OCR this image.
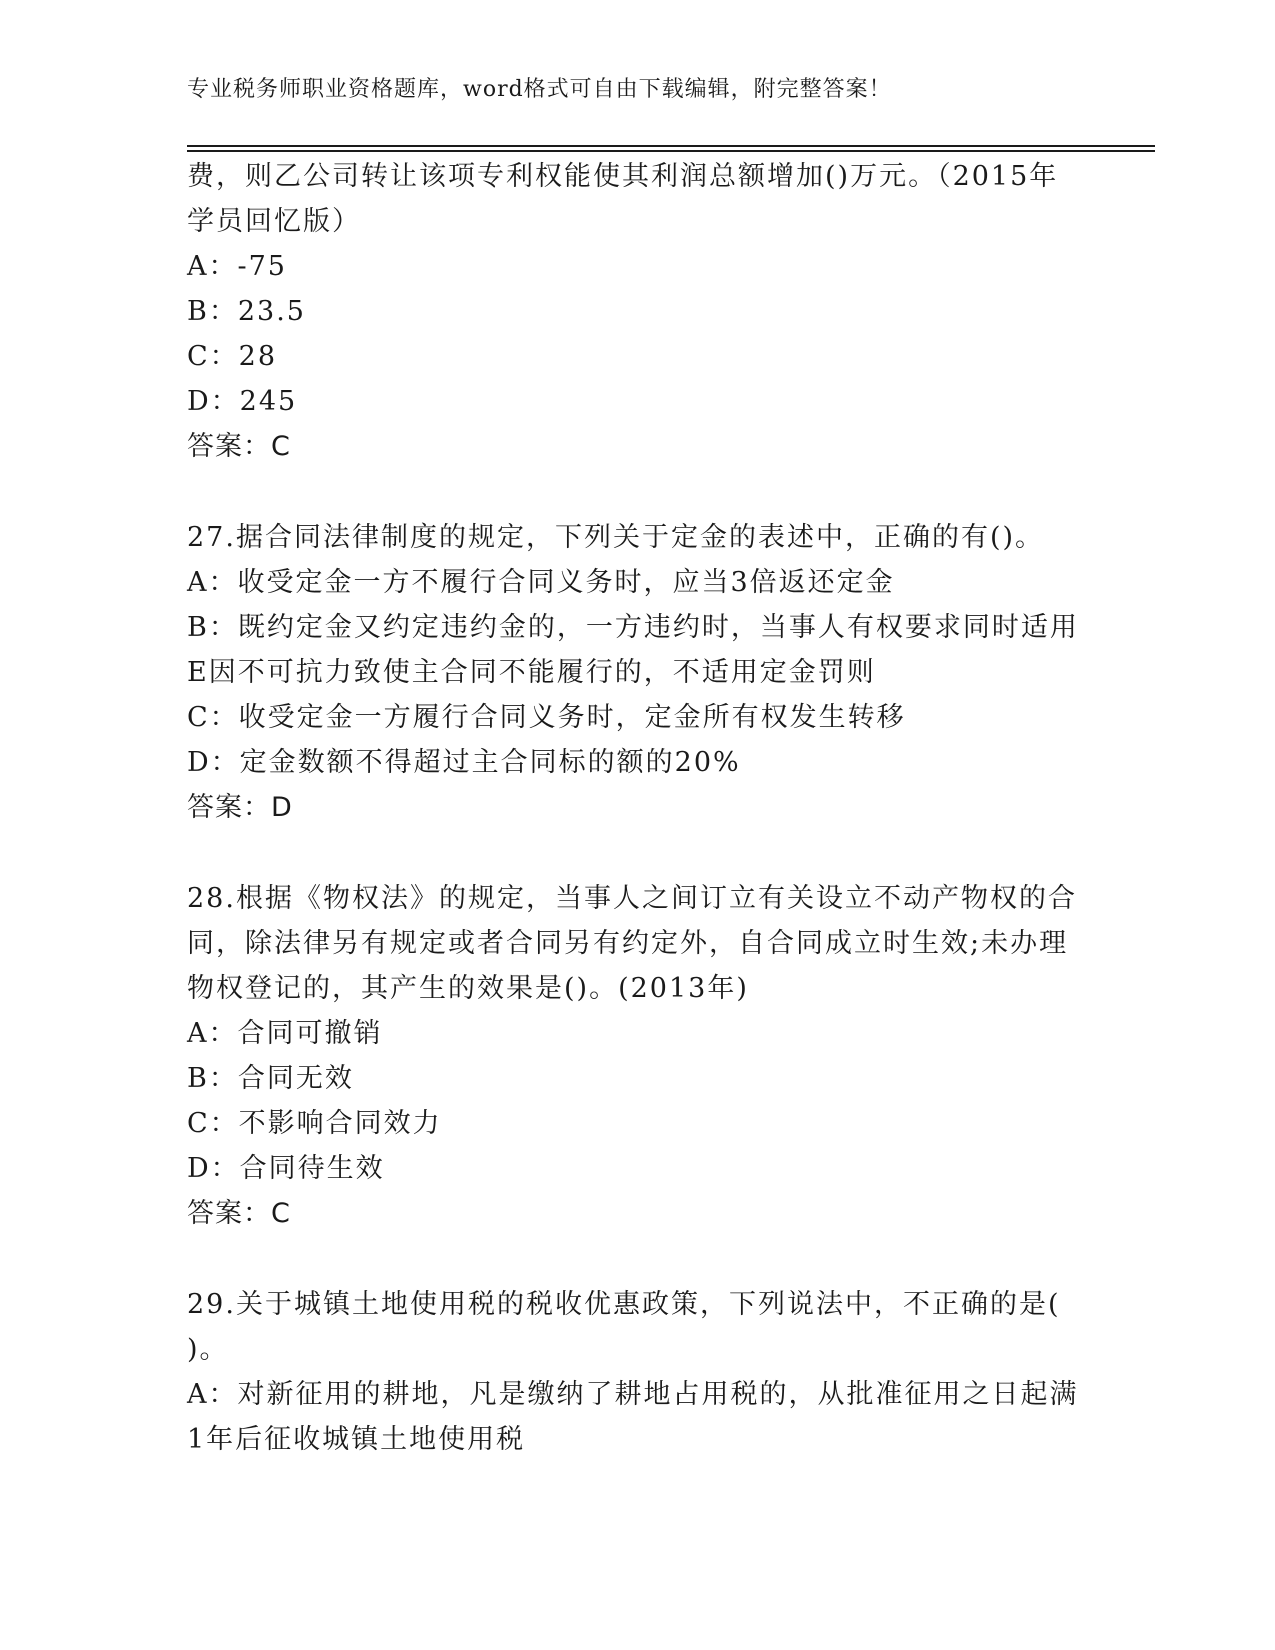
专业税务师职业资格题库，word格式可自由下载编辑，附完整答案！
费，则乙公司转让该项专利权能使其利润总额增加()万元。（2015年
学员回忆版）
A：-75
B：23.5
C：28
D：245
答案：C
27.据合同法律制度的规定，下列关于定金的表述中，正确的有()。
A：收受定金一方不履行合同义务时，应当3倍返还定金
B：既约定金又约定违约金的，一方违约时，当事人有权要求同时适用
E因不可抗力致使主合同不能履行的，不适用定金罚则
C：收受定金一方履行合同义务时，定金所有权发生转移
D：定金数额不得超过主合同标的额的20%
答案：D
28.根据《物权法》的规定，当事人之间订立有关设立不动产物权的合
同，除法律另有规定或者合同另有约定外，自合同成立时生效;未办理
物权登记的，其产生的效果是()。(2013年)
A：合同可撤销
B：合同无效
C：不影响合同效力
D：合同待生效
答案：C
29.关于城镇土地使用税的税收优惠政策，下列说法中，不正确的是(
)。
A：对新征用的耕地，凡是缴纳了耕地占用税的，从批准征用之日起满
1年后征收城镇土地使用税
